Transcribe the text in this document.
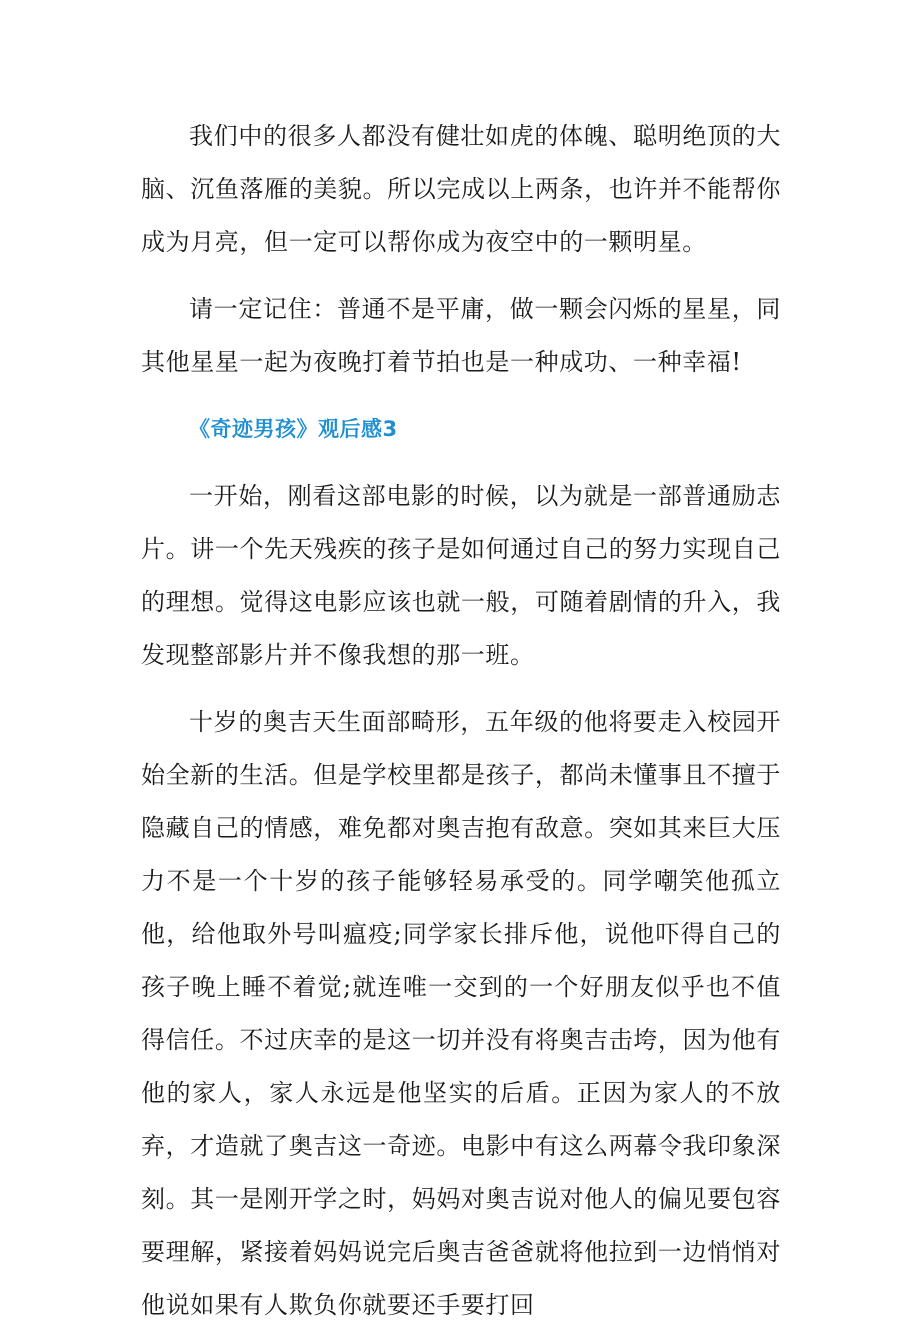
我们中的很多人都没有健壮如虎的体魄、聪明绝顶的大脑、沉鱼落雁的美貌。所以完成以上两条，也许并不能帮你成为月亮，但一定可以帮你成为夜空中的一颗明星。

请一定记住：普通不是平庸，做一颗会闪烁的星星，同其他星星一起为夜晚打着节拍也是一种成功、一种幸福!

《奇迹男孩》观后感3

一开始，刚看这部电影的时候，以为就是一部普通励志片。讲一个先天残疾的孩子是如何通过自己的努力实现自己的理想。觉得这电影应该也就一般，可随着剧情的升入，我发现整部影片并不像我想的那一班。

十岁的奥吉天生面部畸形，五年级的他将要走入校园开始全新的生活。但是学校里都是孩子，都尚未懂事且不擅于隐藏自己的情感，难免都对奥吉抱有敌意。突如其来巨大压力不是一个十岁的孩子能够轻易承受的。同学嘲笑他孤立他，给他取外号叫瘟疫;同学家长排斥他，说他吓得自己的孩子晚上睡不着觉;就连唯一交到的一个好朋友似乎也不值得信任。不过庆幸的是这一切并没有将奥吉击垮，因为他有他的家人，家人永远是他坚实的后盾。正因为家人的不放弃，才造就了奥吉这一奇迹。电影中有这么两幕令我印象深刻。其一是刚开学之时，妈妈对奥吉说对他人的偏见要包容要理解，紧接着妈妈说完后奥吉爸爸就将他拉到一边悄悄对他说如果有人欺负你就要还手要打回
